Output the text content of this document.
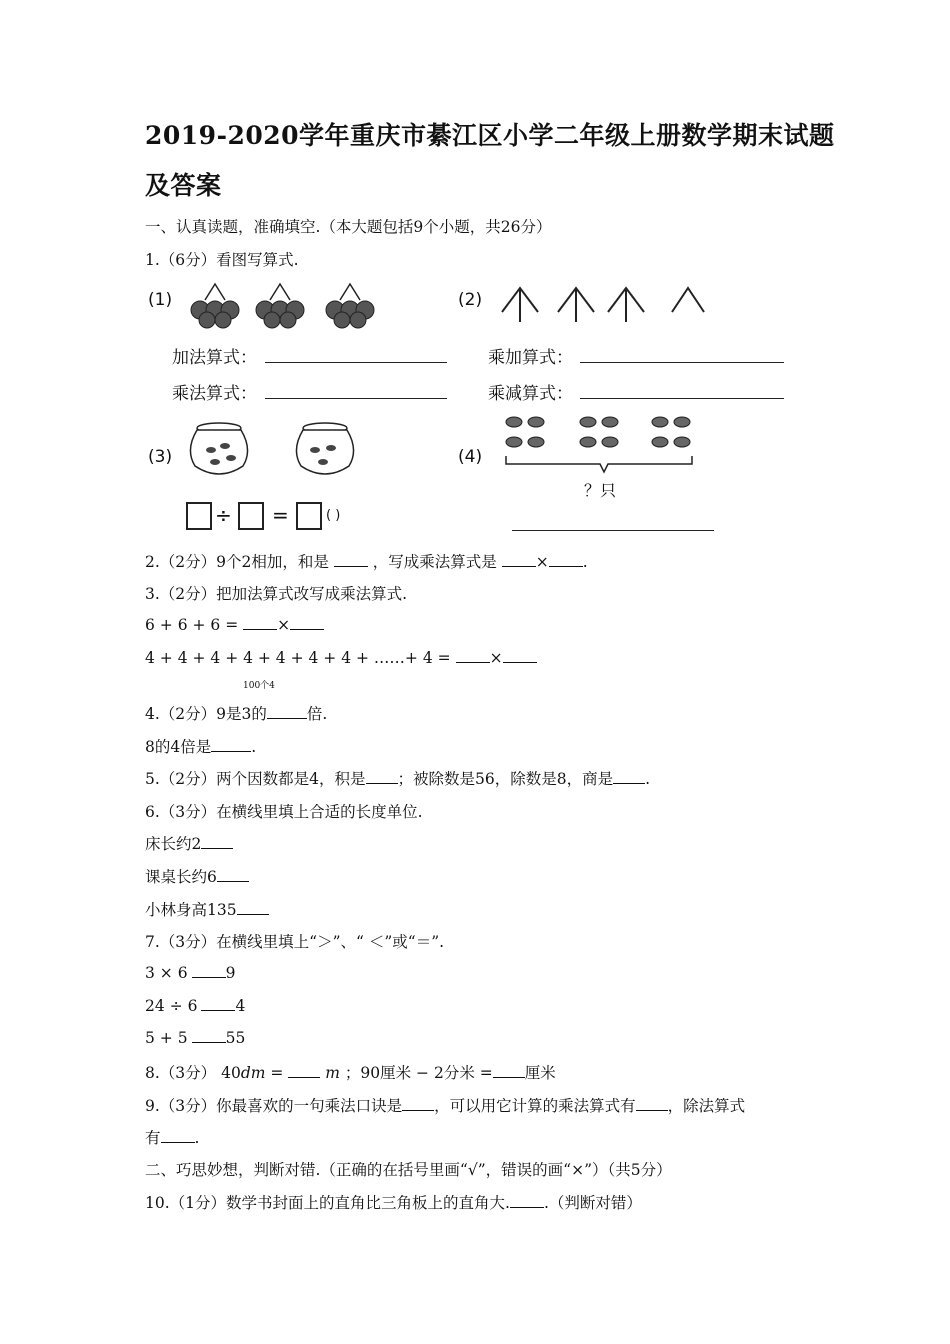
2019-2020学年重庆市綦江区小学二年级上册数学期末试题
及答案
一、认真读题，准确填空.（本大题包括9个小题，共26分）
1.（6分）看图写算式.
(1)	(2)
加法算式：
乘法算式：
乘加算式：
乘减算式：
(3)
÷ =	( )
(4)
？只
2.（2分）9个2相加，和是	，写成乘法算式是	× .
3.（2分）把加法算式改写成乘法算式.
6 + 6 + 6 =	×
4 + 4 + 4 + 4 + 4 + 4 + 4 + ……+ 4 =	×
100个4
4.（2分）9是3的	倍.
8的4倍是	.
5.（2分）两个因数都是4，积是 ；被除数是56，除数是8，商是 .
6.（3分）在横线里填上合适的长度单位.
床长约2
课桌长约6
小林身高135
7.（3分）在横线里填上“＞”、“ ＜”或“＝”.
3 × 6 9
24 ÷ 6 4
5 + 5 55
8.（3分） 40dm =	m ；90厘米 − 2分米 = 厘米
9.（3分）你最喜欢的一句乘法口诀是 ，可以用它计算的乘法算式有 ，除法算式
有 .
二、巧思妙想，判断对错.（正确的在括号里画“√”，错误的画“×”）（共5分）
10.（1分）数学书封面上的直角比三角板上的直角大. .（判断对错）
